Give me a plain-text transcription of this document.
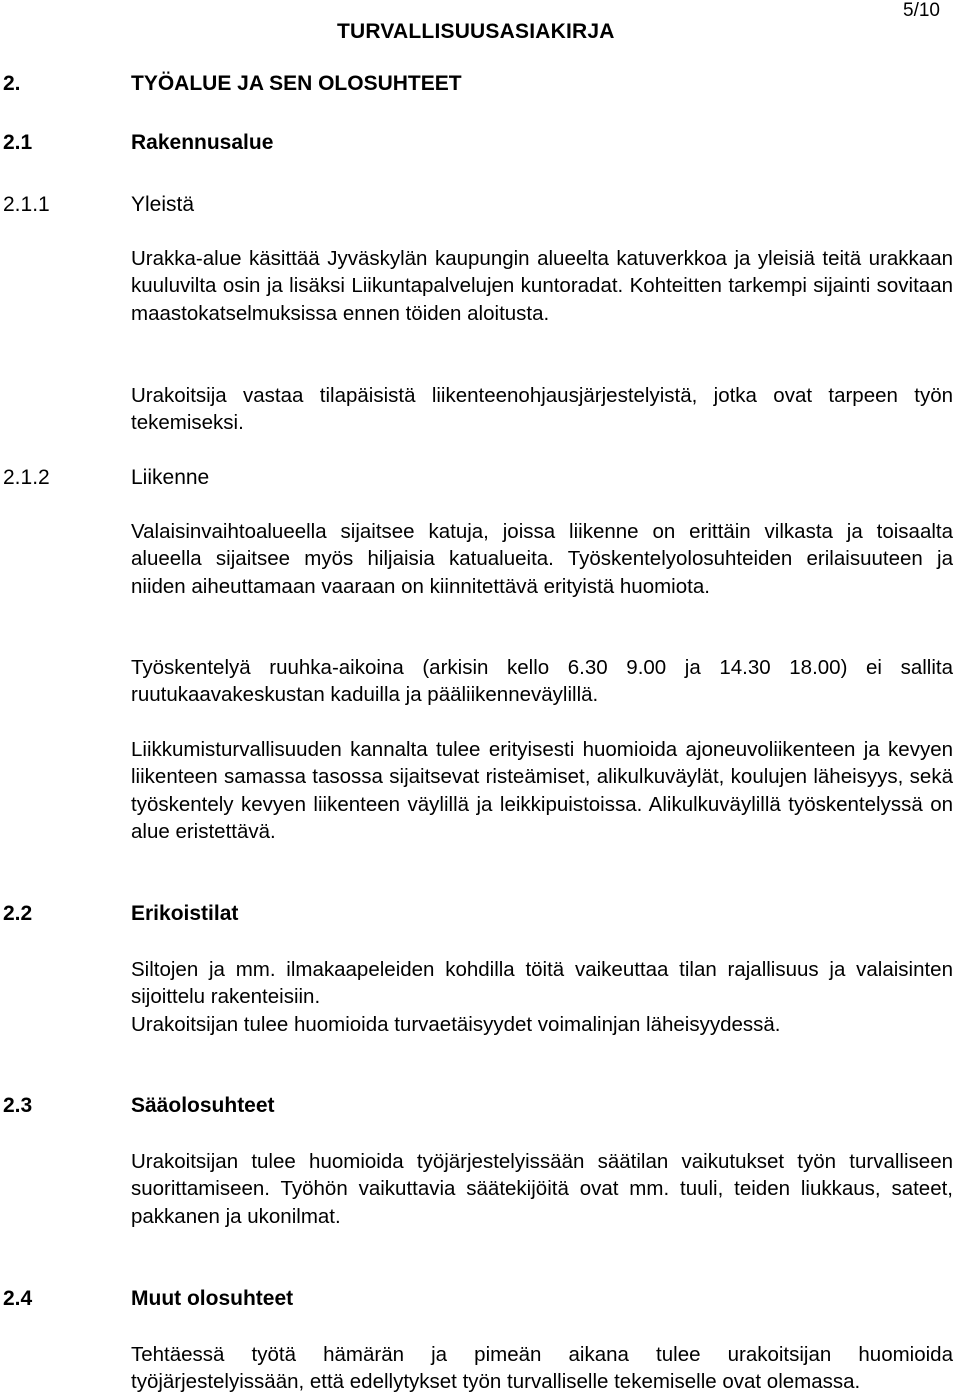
TURVALLISUUSASIAKIRJA
5/10
2.	TYÖALUE JA SEN OLOSUHTEET
2.1	Rakennusalue
2.1.1	Yleistä
Urakka-alue käsittää Jyväskylän kaupungin alueelta katuverkkoa ja yleisiä teitä urakkaan kuuluvilta osin ja lisäksi Liikuntapalvelujen kuntoradat. Kohteitten tarkempi sijainti sovitaan maastokatselmuksissa ennen töiden aloitusta.
Urakoitsija vastaa tilapäisistä liikenteenohjausjärjestelyistä, jotka ovat tarpeen työn tekemiseksi.
2.1.2	Liikenne
Valaisinvaihtoalueella sijaitsee katuja, joissa liikenne on erittäin vilkasta ja toisaalta alueella sijaitsee myös hiljaisia katualueita. Työskentelyolosuhteiden erilaisuuteen ja niiden aiheuttamaan vaaraan on kiinnitettävä erityistä huomiota.
Työskentelyä ruuhka-aikoina (arkisin kello 6.30 9.00 ja 14.30 18.00) ei sallita ruutukaavakeskustan kaduilla ja pääliikenneväylillä.
Liikkumisturvallisuuden kannalta tulee erityisesti huomioida ajoneuvoliikenteen ja kevyen liikenteen samassa tasossa sijaitsevat risteämiset, alikulkuväylät, koulujen läheisyys, sekä työskentely kevyen liikenteen väylillä ja leikkipuistoissa. Alikulkuväylillä työskentelyssä on alue eristettävä.
2.2	Erikoistilat
Siltojen ja mm. ilmakaapeleiden kohdilla töitä vaikeuttaa tilan rajallisuus ja valaisinten sijoittelu rakenteisiin.
Urakoitsijan tulee huomioida turvaetäisyydet voimalinjan läheisyydessä.
2.3	Sääolosuhteet
Urakoitsijan tulee huomioida työjärjestelyissään säätilan vaikutukset työn turvalliseen suorittamiseen. Työhön vaikuttavia säätekijöitä ovat mm. tuuli, teiden liukkaus, sateet, pakkanen ja ukonilmat.
2.4	Muut olosuhteet
Tehtäessä työtä hämärän ja pimeän aikana tulee urakoitsijan huomioida työjärjestelyissään, että edellytykset työn turvalliselle tekemiselle ovat olemassa.
